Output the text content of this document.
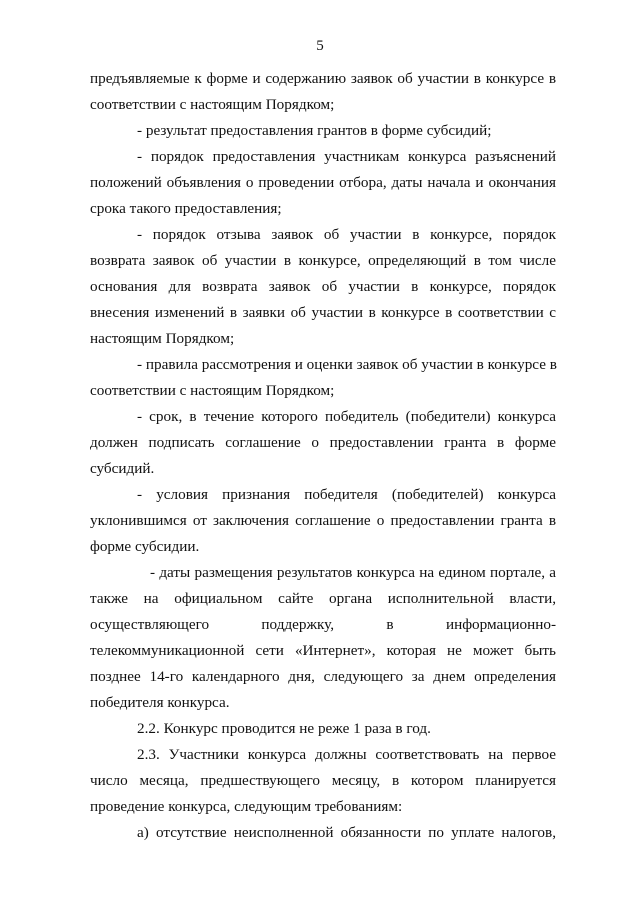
5
предъявляемые к форме и содержанию заявок об участии в конкурсе в
соответствии с настоящим Порядком;
- результат предоставления грантов в форме субсидий;
- порядок предоставления участникам конкурса разъяснений
положений объявления о проведении отбора, даты начала и окончания
срока такого предоставления;
- порядок отзыва заявок об участии в конкурсе, порядок
возврата заявок об участии в конкурсе, определяющий в том числе
основания для возврата заявок об участии в конкурсе, порядок
внесения изменений в заявки об участии в конкурсе в соответствии с
настоящим Порядком;
- правила рассмотрения и оценки заявок об участии в конкурсе в
соответствии с настоящим Порядком;
- срок, в течение которого победитель (победители) конкурса
должен подписать соглашение о предоставлении гранта в форме
субсидий.
- условия признания победителя (победителей) конкурса
уклонившимся от заключения соглашение о предоставлении гранта в
форме субсидии.
- даты размещения результатов конкурса на едином портале, а
также на официальном сайте органа исполнительной власти,
осуществляющего поддержку, в информационно-
телекоммуникационной сети «Интернет», которая не может быть
позднее 14-го календарного дня, следующего за днем определения
победителя конкурса.
2.2. Конкурс проводится не реже 1 раза в год.
2.3. Участники конкурса должны соответствовать на первое
число месяца, предшествующего месяцу, в котором планируется
проведение конкурса, следующим требованиям:
а) отсутствие неисполненной обязанности по уплате налогов,
